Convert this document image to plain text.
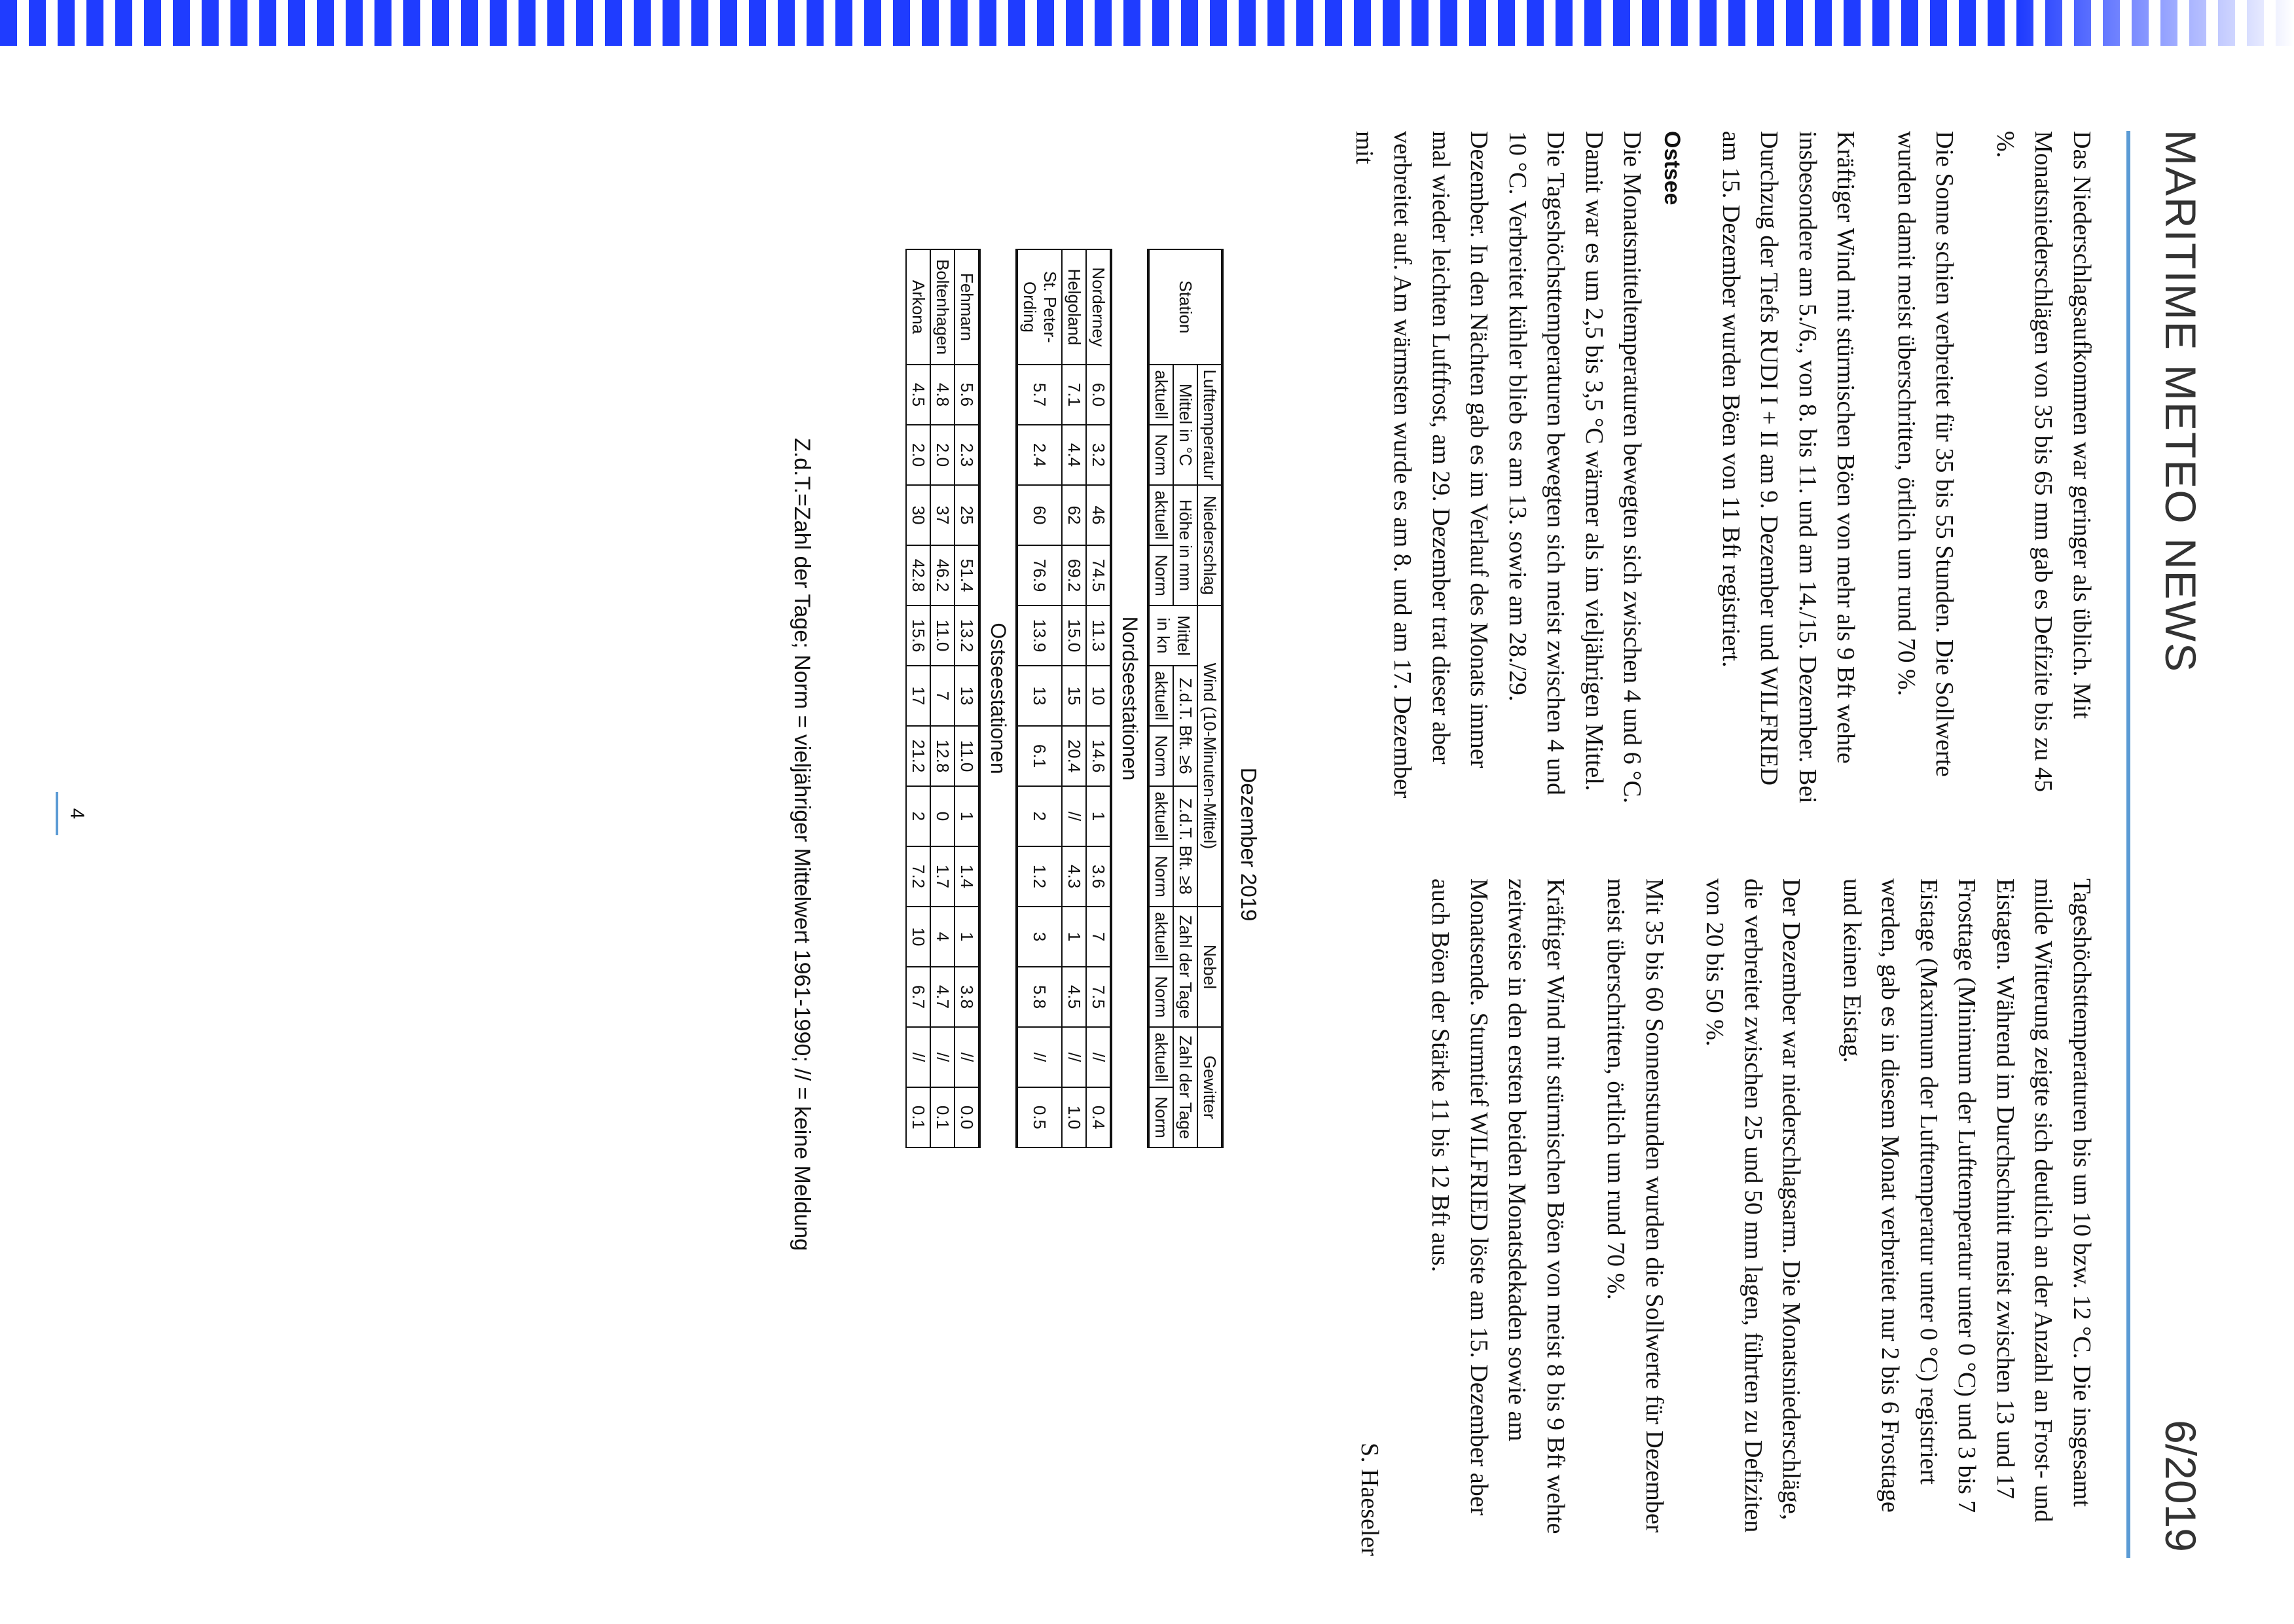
MARITIME METEO NEWS
6/2019

Das Niederschlagsaufkommen war geringer als üblich. Mit Monatsniederschlägen von 35 bis 65 mm gab es Defizite bis zu 45 %.

Die Sonne schien verbreitet für 35 bis 55 Stunden. Die Sollwerte wurden damit meist überschritten, örtlich um rund 70 %.

Kräftiger Wind mit stürmischen Böen von mehr als 9 Bft wehte insbesondere am 5./6., von 8. bis 11. und am 14./15. Dezember. Bei Durchzug der Tiefs RUDI I + II am 9. Dezember und WILFRIED am 15. Dezember wurden Böen von 11 Bft registriert.

Ostsee

Die Monatsmitteltemperaturen bewegten sich zwischen 4 und 6 °C. Damit war es um 2,5 bis 3,5 °C wärmer als im vieljährigen Mittel. Die Tageshöchsttemperaturen bewegten sich meist zwischen 4 und 10 °C. Verbreitet kühler blieb es am 13. sowie am 28./29. Dezember. In den Nächten gab es im Verlauf des Monats immer mal wieder leichten Luftfrost, am 29. Dezember trat dieser aber verbreitet auf. Am wärmsten wurde es am 8. und am 17. Dezember mit

Tageshöchsttemperaturen bis um 10 bzw. 12 °C. Die insgesamt milde Witterung zeigte sich deutlich an der Anzahl an Frost- und Eistagen. Während im Durchschnitt meist zwischen 13 und 17 Frosttage (Minimum der Lufttemperatur unter 0 °C) und 3 bis 7 Eistage (Maximum der Lufttemperatur unter 0 °C) registriert werden, gab es in diesem Monat verbreitet nur 2 bis 6 Frosttage und keinen Eistag.

Der Dezember war niederschlagsarm. Die Monatsniederschläge, die verbreitet zwischen 25 und 50 mm lagen, führten zu Defiziten von 20 bis 50 %.

Mit 35 bis 60 Sonnenstunden wurden die Sollwerte für Dezember meist überschritten, örtlich um rund 70 %.

Kräftiger Wind mit stürmischen Böen von meist 8 bis 9 Bft wehte zeitweise in den ersten beiden Monatsdekaden sowie am Monatsende. Sturmtief WILFRIED löste am 15. Dezember aber auch Böen der Stärke 11 bis 12 Bft aus.

S. Haeseler
Dezember 2019
Station	Lufttemperatur		Niederschlag		Wind (10-Minuten-Mittel)					Nebel		Gewitter	
	Mittel in °C		Höhe in mm		Mittel in kn	Z.d.T. Bft. ≥6		Z.d.T. Bft. ≥8		Zahl der Tage		Zahl der Tage	
	aktuell	Norm	aktuell	Norm		aktuell	Norm	aktuell	Norm	aktuell	Norm	aktuell	Norm
Nordseestationen													
Norderney	6.0	3.2	46	74.5	11.3	10	14.6	1	3.6	7	7.5	//	0.4
Helgoland	7.1	4.4	62	69.2	15.0	15	20.4	//	4.3	1	4.5	//	1.0
St. Peter-Ording	5.7	2.4	60	76.9	13.9	13	6.1	2	1.2	3	5.8	//	0.5
Ostseestationen													
Fehmarn	5.6	2.3	25	51.4	13.2	13	11.0	1	1.4	1	3.8	//	0.0
Boltenhagen	4.8	2.0	37	46.2	11.0	7	12.8	0	1.7	4	4.7	//	0.1
Arkona	4.5	2.0	30	42.8	15.6	17	21.2	2	7.2	10	6.7	//	0.1
Z.d.T.=Zahl der Tage; Norm = vieljähriger Mittelwert 1961-1990; // = keine Meldung
4
